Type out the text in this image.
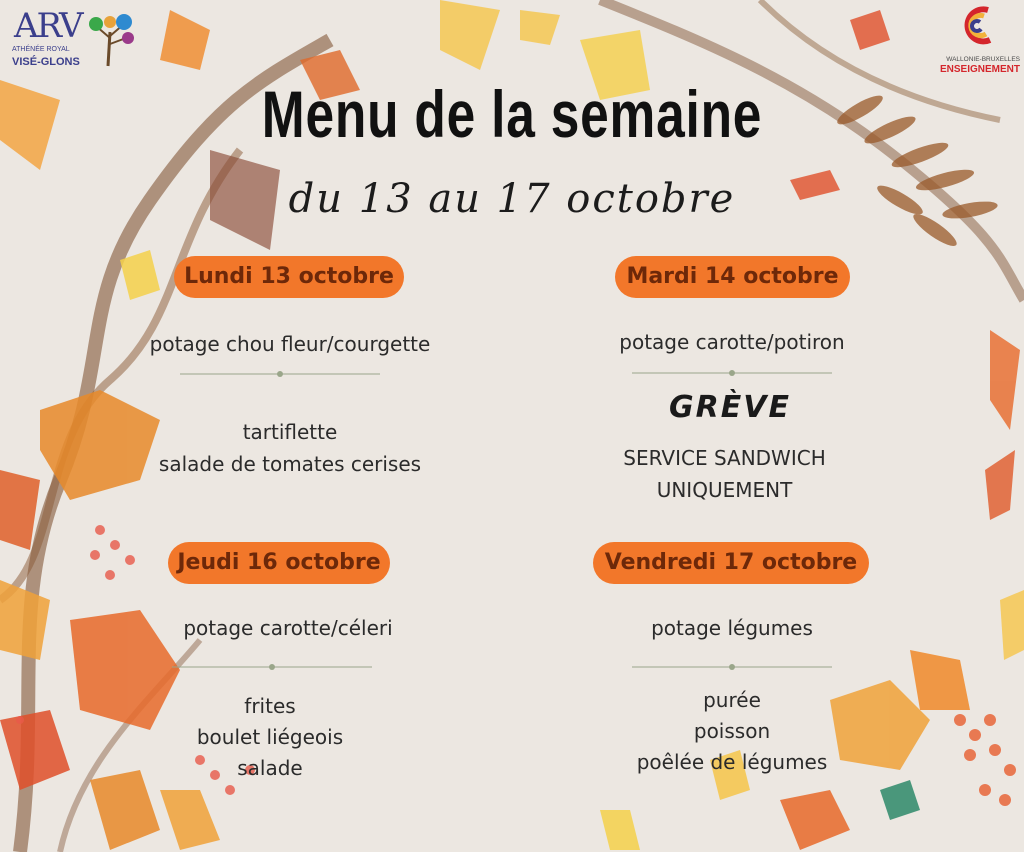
ARV
ATHÉNÉE ROYAL
VISÉ-GLONS	WALLONIE-BRUXELLES
ENSEIGNEMENT
Menu de la semaine
du 13 au 17 octobre
Lundi 13 octobre
potage chou fleur/courgette
tartiflette
salade de tomates cerises
Mardi 14 octobre
potage carotte/potiron
GRÈVE
SERVICE SANDWICH
UNIQUEMENT
Jeudi 16 octobre
potage carotte/céleri
frites
boulet liégeois
salade
Vendredi 17 octobre
potage légumes
purée
poisson
poêlée de légumes
